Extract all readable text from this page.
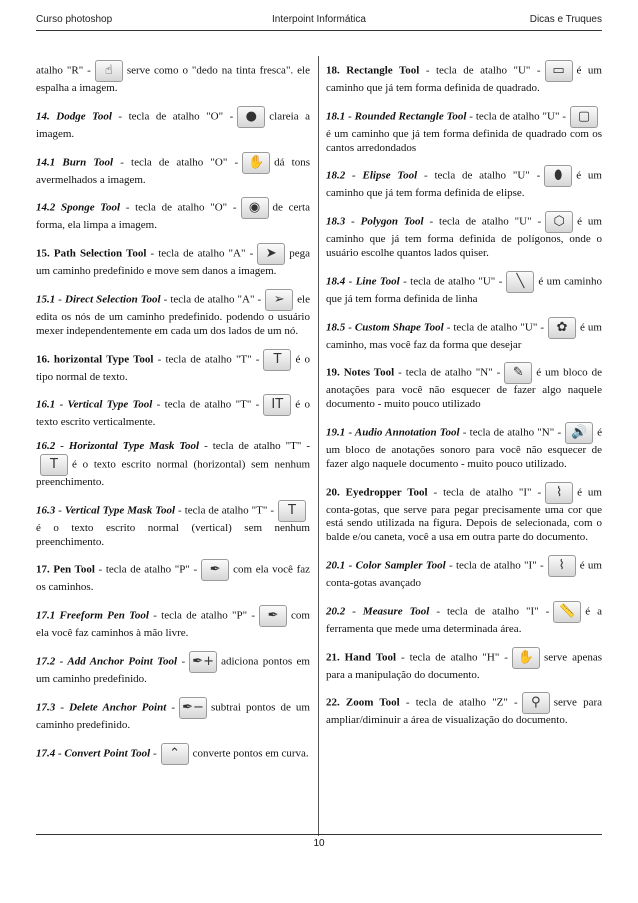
Curso photoshop	Interpoint Informática	Dicas e Truques

atalho "R" - ☝ serve como o "dedo na tinta fresca". ele espalha a imagem.

14. Dodge Tool - tecla de atalho "O" - ● clareia a imagem.

14.1 Burn Tool - tecla de atalho "O" - ✋ dá tons avermelhados a imagem.

14.2 Sponge Tool - tecla de atalho "O" - ◉ de certa forma, ela limpa a imagem.

15. Path Selection Tool - tecla de atalho "A" - ➤ pega um caminho predefinido e move sem danos a imagem.

15.1 - Direct Selection Tool - tecla de atalho "A" - ➢ ele edita os nós de um caminho predefinido. podendo o usuário mexer independentemente em cada um dos lados de um nó.

16. horizontal Type Tool - tecla de atalho "T" - T é o tipo normal de texto.

16.1 - Vertical Type Tool - tecla de atalho "T" - IT é o texto escrito verticalmente.

16.2 - Horizontal Type Mask Tool - tecla de atalho "T" -T é o texto escrito normal (horizontal) sem nenhum preenchimento.

16.3 - Vertical Type Mask Tool - tecla de atalho "T" - Té o texto escrito normal (vertical) sem nenhum preenchimento.

17. Pen Tool - tecla de atalho "P" - ✒ com ela você faz os caminhos.

17.1 Freeform Pen Tool - tecla de atalho "P" - ✒ com ela você faz caminhos à mão livre.

17.2 - Add Anchor Point Tool - ✒+ adiciona pontos em um caminho predefinido.

17.3 - Delete Anchor Point - ✒− subtrai pontos de um caminho predefinido.

17.4 - Convert Point Tool - ⌃ converte pontos em curva.

18. Rectangle Tool - tecla de atalho "U" - ▭ é um caminho que já tem forma definida de quadrado.

18.1 - Rounded Rectangle Tool - tecla de atalho "U" - ▢é um caminho que já tem forma definida de quadrado com os cantos arredondados

18.2 - Elipse Tool - tecla de atalho "U" - ⬮ é um caminho que já tem forma definida de elipse.

18.3 - Polygon Tool - tecla de atalho "U" - ⬡ é um caminho que já tem forma definida de polígonos, onde o usuário escolhe quantos lados quiser.

18.4 - Line Tool - tecla de atalho "U" - ╲ é um caminho que já tem forma definida de linha

18.5 - Custom Shape Tool - tecla de atalho "U" - ✿ é um caminho, mas você faz da forma que desejar

19. Notes Tool - tecla de atalho "N" - ✎ é um bloco de anotações para você não esquecer de fazer algo naquele documento - muito pouco utilizado

19.1 - Audio Annotation Tool - tecla de atalho "N" - 🔊 é um bloco de anotações sonoro para você não esquecer de fazer algo naquele documento - muito pouco utilizado.

20. Eyedropper Tool - tecla de atalho "I" - ⌇ é um conta-gotas, que serve para pegar precisamente uma cor que está sendo utilizada na figura. Depois de selecionada, com o balde e/ou caneta, você a usa em outra parte do documento.

20.1 - Color Sampler Tool - tecla de atalho "I" - ⌇ é um conta-gotas avançado

20.2 - Measure Tool - tecla de atalho "I" - 📏 é a ferramenta que mede uma determinada área.

21. Hand Tool - tecla de atalho "H" - ✋ serve apenas para a manipulação do documento.

22. Zoom Tool - tecla de atalho "Z" - ⚲ serve para ampliar/diminuir a área de visualização do documento.

10
